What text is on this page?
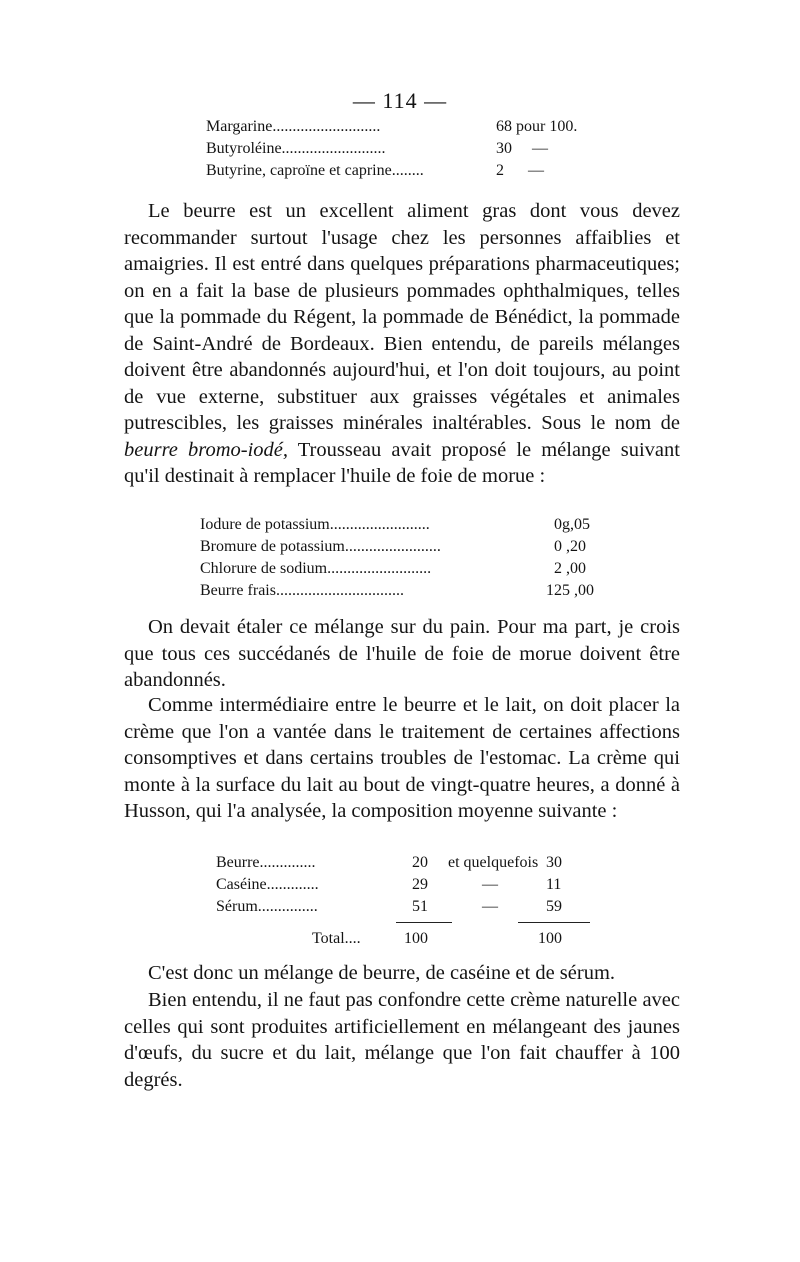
— 114 —
Margarine...........................	68 pour 100.
Butyroléine..........................	30     —
Butyrine, caproïne et caprine........	2      —
Le beurre est un excellent aliment gras dont vous devez recommander surtout l'usage chez les personnes affaiblies et amaigries. Il est entré dans quelques préparations pharmaceutiques; on en a fait la base de plusieurs pommades ophthalmiques, telles que la pommade du Régent, la pommade de Bénédict, la pommade de Saint-André de Bordeaux. Bien entendu, de pareils mélanges doivent être abandonnés aujourd'hui, et l'on doit toujours, au point de vue externe, substituer aux graisses végétales et animales putrescibles, les graisses minérales inaltérables. Sous le nom de beurre bromo-iodé, Trousseau avait proposé le mélange suivant qu'il destinait à remplacer l'huile de foie de morue :
Iodure de potassium.........................	0g,05
Bromure de potassium........................	0 ,20
Chlorure de sodium..........................	2 ,00
Beurre frais................................	125 ,00
On devait étaler ce mélange sur du pain. Pour ma part, je crois que tous ces succédanés de l'huile de foie de morue doivent être abandonnés.
Comme intermédiaire entre le beurre et le lait, on doit placer la crème que l'on a vantée dans le traitement de certaines affections consomptives et dans certains troubles de l'estomac. La crème qui monte à la surface du lait au bout de vingt-quatre heures, a donné à Husson, qui l'a analysée, la composition moyenne suivante :
Beurre..............	20 et quelquefois 30
Caséine.............	29	—	11
Sérum...............	51	—	59
Total....	100	100
C'est donc un mélange de beurre, de caséine et de sérum.
Bien entendu, il ne faut pas confondre cette crème naturelle avec celles qui sont produites artificiellement en mélangeant des jaunes d'œufs, du sucre et du lait, mélange que l'on fait chauffer à 100 degrés.
